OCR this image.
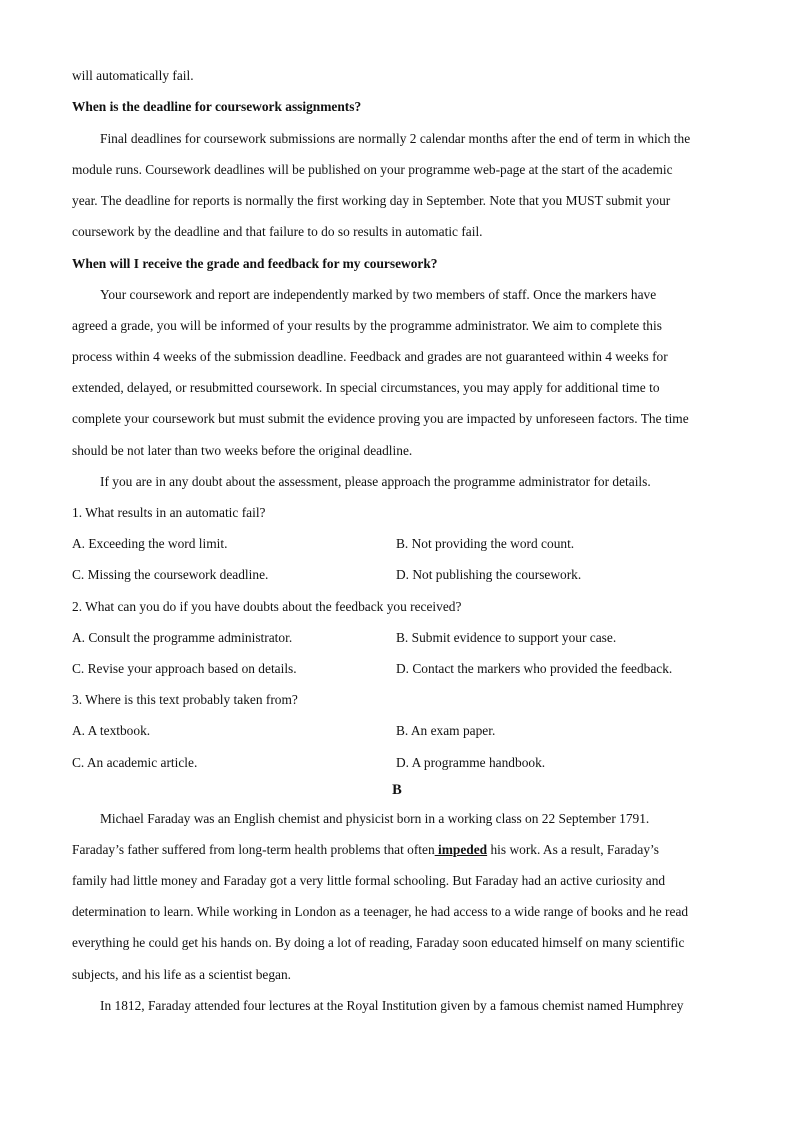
will automatically fail.
When is the deadline for coursework assignments?
Final deadlines for coursework submissions are normally 2 calendar months after the end of term in which the
module runs. Coursework deadlines will be published on your programme web-page at the start of the academic
year. The deadline for reports is normally the first working day in September. Note that you MUST submit your
coursework by the deadline and that failure to do so results in automatic fail.
When will I receive the grade and feedback for my coursework?
Your coursework and report are independently marked by two members of staff. Once the markers have
agreed a grade, you will be informed of your results by the programme administrator. We aim to complete this
process within 4 weeks of the submission deadline. Feedback and grades are not guaranteed within 4 weeks for
extended, delayed, or resubmitted coursework. In special circumstances, you may apply for additional time to
complete your coursework but must submit the evidence proving you are impacted by unforeseen factors. The time
should be not later than two weeks before the original deadline.
If you are in any doubt about the assessment, please approach the programme administrator for details.
1. What results in an automatic fail?
A. Exceeding the word limit.	B. Not providing the word count.
C. Missing the coursework deadline.	D. Not publishing the coursework.
2. What can you do if you have doubts about the feedback you received?
A. Consult the programme administrator.	B. Submit evidence to support your case.
C. Revise your approach based on details.	D. Contact the markers who provided the feedback.
3. Where is this text probably taken from?
A. A textbook.	B. An exam paper.
C. An academic article.	D. A programme handbook.
B
Michael Faraday was an English chemist and physicist born in a working class on 22 September 1791.
Faraday’s father suffered from long-term health problems that often impeded his work. As a result, Faraday’s
family had little money and Faraday got a very little formal schooling. But Faraday had an active curiosity and
determination to learn. While working in London as a teenager, he had access to a wide range of books and he read
everything he could get his hands on. By doing a lot of reading, Faraday soon educated himself on many scientific
subjects, and his life as a scientist began.
In 1812, Faraday attended four lectures at the Royal Institution given by a famous chemist named Humphrey
